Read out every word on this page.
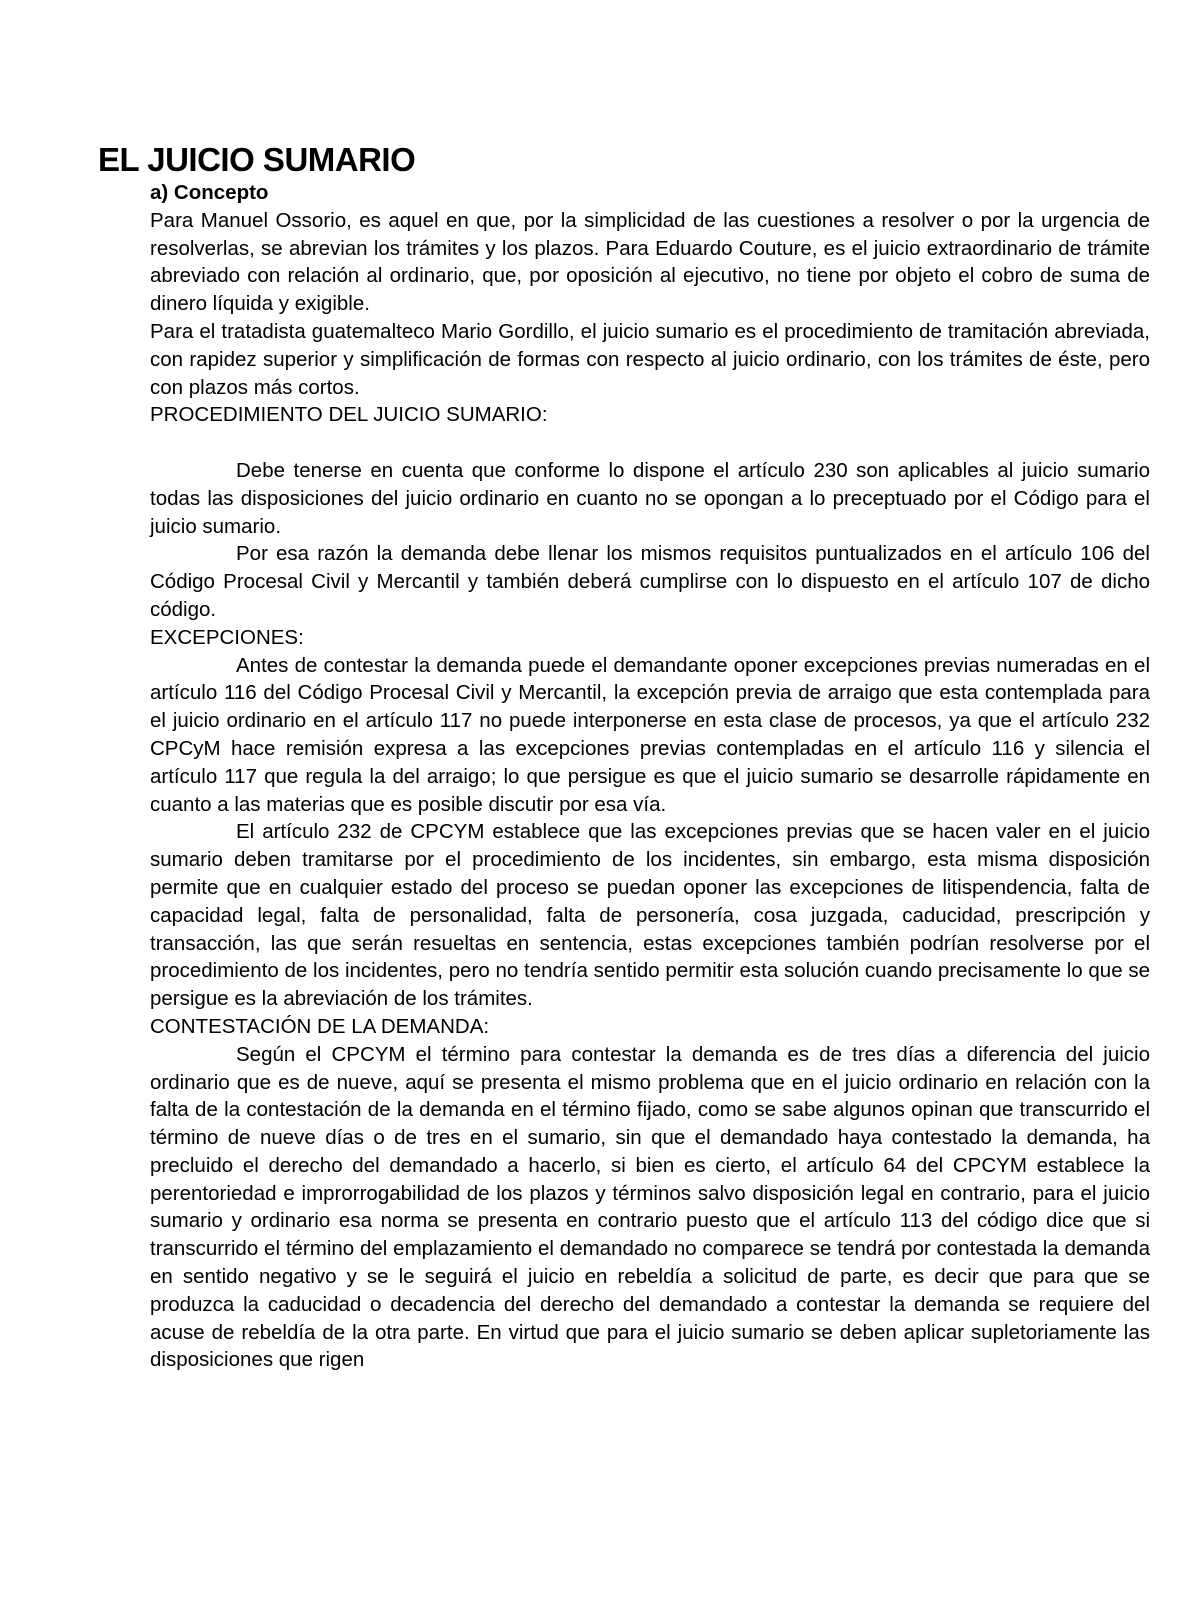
EL JUICIO SUMARIO

a) Concepto

Para Manuel Ossorio, es aquel en que, por la simplicidad de las cuestiones a resolver o por la urgencia de resolverlas, se abrevian los trámites y los plazos. Para Eduardo Couture, es el juicio extraordinario de trámite abreviado con relación al ordinario, que, por oposición al ejecutivo, no tiene por objeto el cobro de suma de dinero líquida y exigible.

Para el tratadista guatemalteco Mario Gordillo, el juicio sumario es el procedimiento de tramitación abreviada, con rapidez superior y simplificación de formas con respecto al juicio ordinario, con los trámites de éste, pero con plazos más cortos.

PROCEDIMIENTO DEL JUICIO SUMARIO:

Debe tenerse en cuenta que conforme lo dispone el artículo 230 son aplicables al juicio sumario todas las disposiciones del juicio ordinario en cuanto no se opongan a lo preceptuado por el Código para el juicio sumario.

Por esa razón la demanda debe llenar los mismos requisitos puntualizados en el artículo 106 del Código Procesal Civil y Mercantil y también deberá cumplirse con lo dispuesto en el artículo 107 de dicho código.

EXCEPCIONES:

Antes de contestar la demanda puede el demandante oponer excepciones previas numeradas en el artículo 116 del Código Procesal Civil y Mercantil, la excepción previa de arraigo que esta contemplada para el juicio ordinario en el artículo 117 no puede interponerse en esta clase de procesos, ya que el artículo 232 CPCyM hace remisión expresa a las excepciones previas contempladas en el artículo 116 y silencia el artículo 117 que regula la del arraigo; lo que persigue es que el juicio sumario se desarrolle rápidamente en cuanto a las materias que es posible discutir por esa vía.

El artículo 232 de CPCYM establece que las excepciones previas que se hacen valer en el juicio sumario deben tramitarse por el procedimiento de los incidentes, sin embargo, esta misma disposición permite que en cualquier estado del proceso se puedan oponer las excepciones de litispendencia, falta de capacidad legal, falta de personalidad, falta de personería, cosa juzgada, caducidad, prescripción y transacción, las que serán resueltas en sentencia, estas excepciones también podrían resolverse por el procedimiento de los incidentes, pero no tendría sentido permitir esta solución cuando precisamente lo que se persigue es la abreviación de los trámites.

CONTESTACIÓN DE LA DEMANDA:

Según el CPCYM el término para contestar la demanda es de tres días a diferencia del juicio ordinario que es de nueve, aquí se presenta el mismo problema que en el juicio ordinario en relación con la falta de la contestación de la demanda en el término fijado, como se sabe algunos opinan que transcurrido el término de nueve días o de tres en el sumario, sin que el demandado haya contestado la demanda, ha precluido el derecho del demandado a hacerlo, si bien es cierto, el artículo 64 del CPCYM establece la perentoriedad e improrrogabilidad de los plazos y términos salvo disposición legal en contrario, para el juicio sumario y ordinario esa norma se presenta en contrario puesto que el artículo 113 del código dice que si transcurrido el término del emplazamiento el demandado no comparece se tendrá por contestada la demanda en sentido negativo y se le seguirá el juicio en rebeldía a solicitud de parte, es decir que para que se produzca la caducidad o decadencia del derecho del demandado a contestar la demanda se requiere del acuse de rebeldía de la otra parte. En virtud que para el juicio sumario se deben aplicar supletoriamente las disposiciones que rigen
